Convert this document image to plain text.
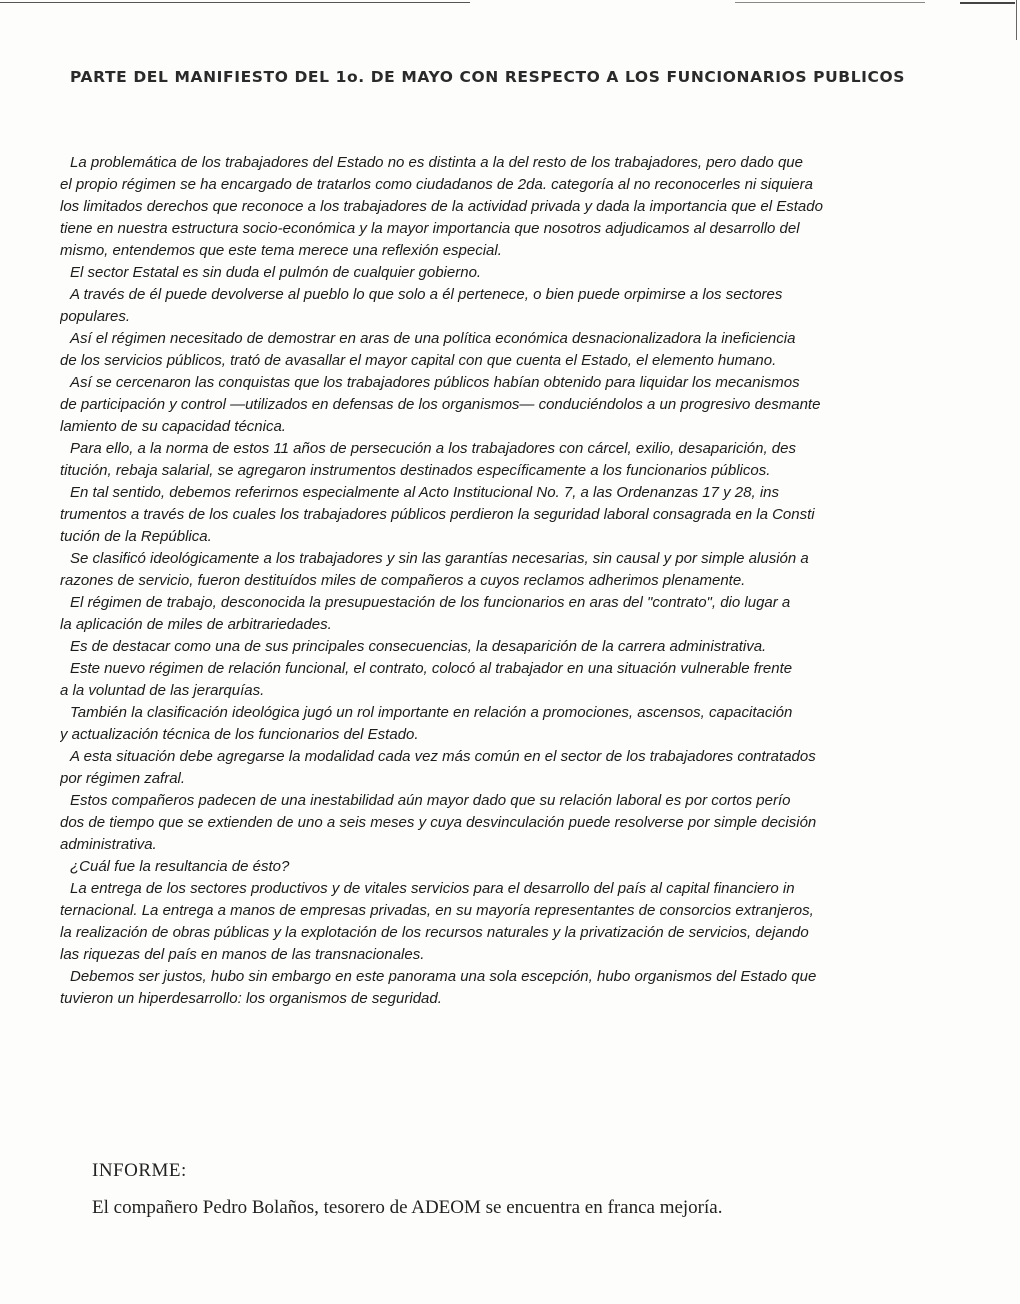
PARTE DEL MANIFIESTO DEL 1o. DE MAYO CON RESPECTO A LOS FUNCIONARIOS PUBLICOS
La problemática de los trabajadores del Estado no es distinta a la del resto de los trabajadores, pero dado que
el propio régimen se ha encargado de tratarlos como ciudadanos de 2da. categoría al no reconocerles ni siquiera
los limitados derechos que reconoce a los trabajadores de la actividad privada y dada la importancia que el Estado
tiene en nuestra estructura socio-económica y la mayor importancia que nosotros adjudicamos al desarrollo del
mismo, entendemos que este tema merece una reflexión especial.
El sector Estatal es sin duda el pulmón de cualquier gobierno.
A través de él puede devolverse al pueblo lo que solo a él pertenece, o bien puede orpimirse a los sectores
populares.
Así el régimen necesitado de demostrar en aras de una política económica desnacionalizadora la ineficiencia
de los servicios públicos, trató de avasallar el mayor capital con que cuenta el Estado, el elemento humano.
Así se cercenaron las conquistas que los trabajadores públicos habían obtenido para liquidar los mecanismos
de participación y control —utilizados en defensas de los organismos— conduciéndolos a un progresivo desmante
lamiento de su capacidad técnica.
Para ello, a la norma de estos 11 años de persecución a los trabajadores con cárcel, exilio, desaparición, des
titución, rebaja salarial, se agregaron instrumentos destinados específicamente a los funcionarios públicos.
En tal sentido, debemos referirnos especialmente al Acto Institucional No. 7, a las Ordenanzas 17 y 28, ins
trumentos a través de los cuales los trabajadores públicos perdieron la seguridad laboral consagrada en la Consti
tución de la República.
Se clasificó ideológicamente a los trabajadores y sin las garantías necesarias, sin causal y por simple alusión a
razones de servicio, fueron destituídos miles de compañeros a cuyos reclamos adherimos plenamente.
El régimen de trabajo, desconocida la presupuestación de los funcionarios en aras del "contrato", dio lugar a
la aplicación de miles de arbitrariedades.
Es de destacar como una de sus principales consecuencias, la desaparición de la carrera administrativa.
Este nuevo régimen de relación funcional, el contrato, colocó al trabajador en una situación vulnerable frente
a la voluntad de las jerarquías.
También la clasificación ideológica jugó un rol importante en relación a promociones, ascensos, capacitación
y actualización técnica de los funcionarios del Estado.
A esta situación debe agregarse la modalidad cada vez más común en el sector de los trabajadores contratados
por régimen zafral.
Estos compañeros padecen de una inestabilidad aún mayor dado que su relación laboral es por cortos perío
dos de tiempo que se extienden de uno a seis meses y cuya desvinculación puede resolverse por simple decisión
administrativa.
¿Cuál fue la resultancia de ésto?
La entrega de los sectores productivos y de vitales servicios para el desarrollo del país al capital financiero in
ternacional. La entrega a manos de empresas privadas, en su mayoría representantes de consorcios extranjeros,
la realización de obras públicas y la explotación de los recursos naturales y la privatización de servicios, dejando
las riquezas del país en manos de las transnacionales.
Debemos ser justos, hubo sin embargo en este panorama una sola escepción, hubo organismos del Estado que
tuvieron un hiperdesarrollo: los organismos de seguridad.
INFORME:
El compañero Pedro Bolaños, tesorero de ADEOM se encuentra en franca mejoría.
